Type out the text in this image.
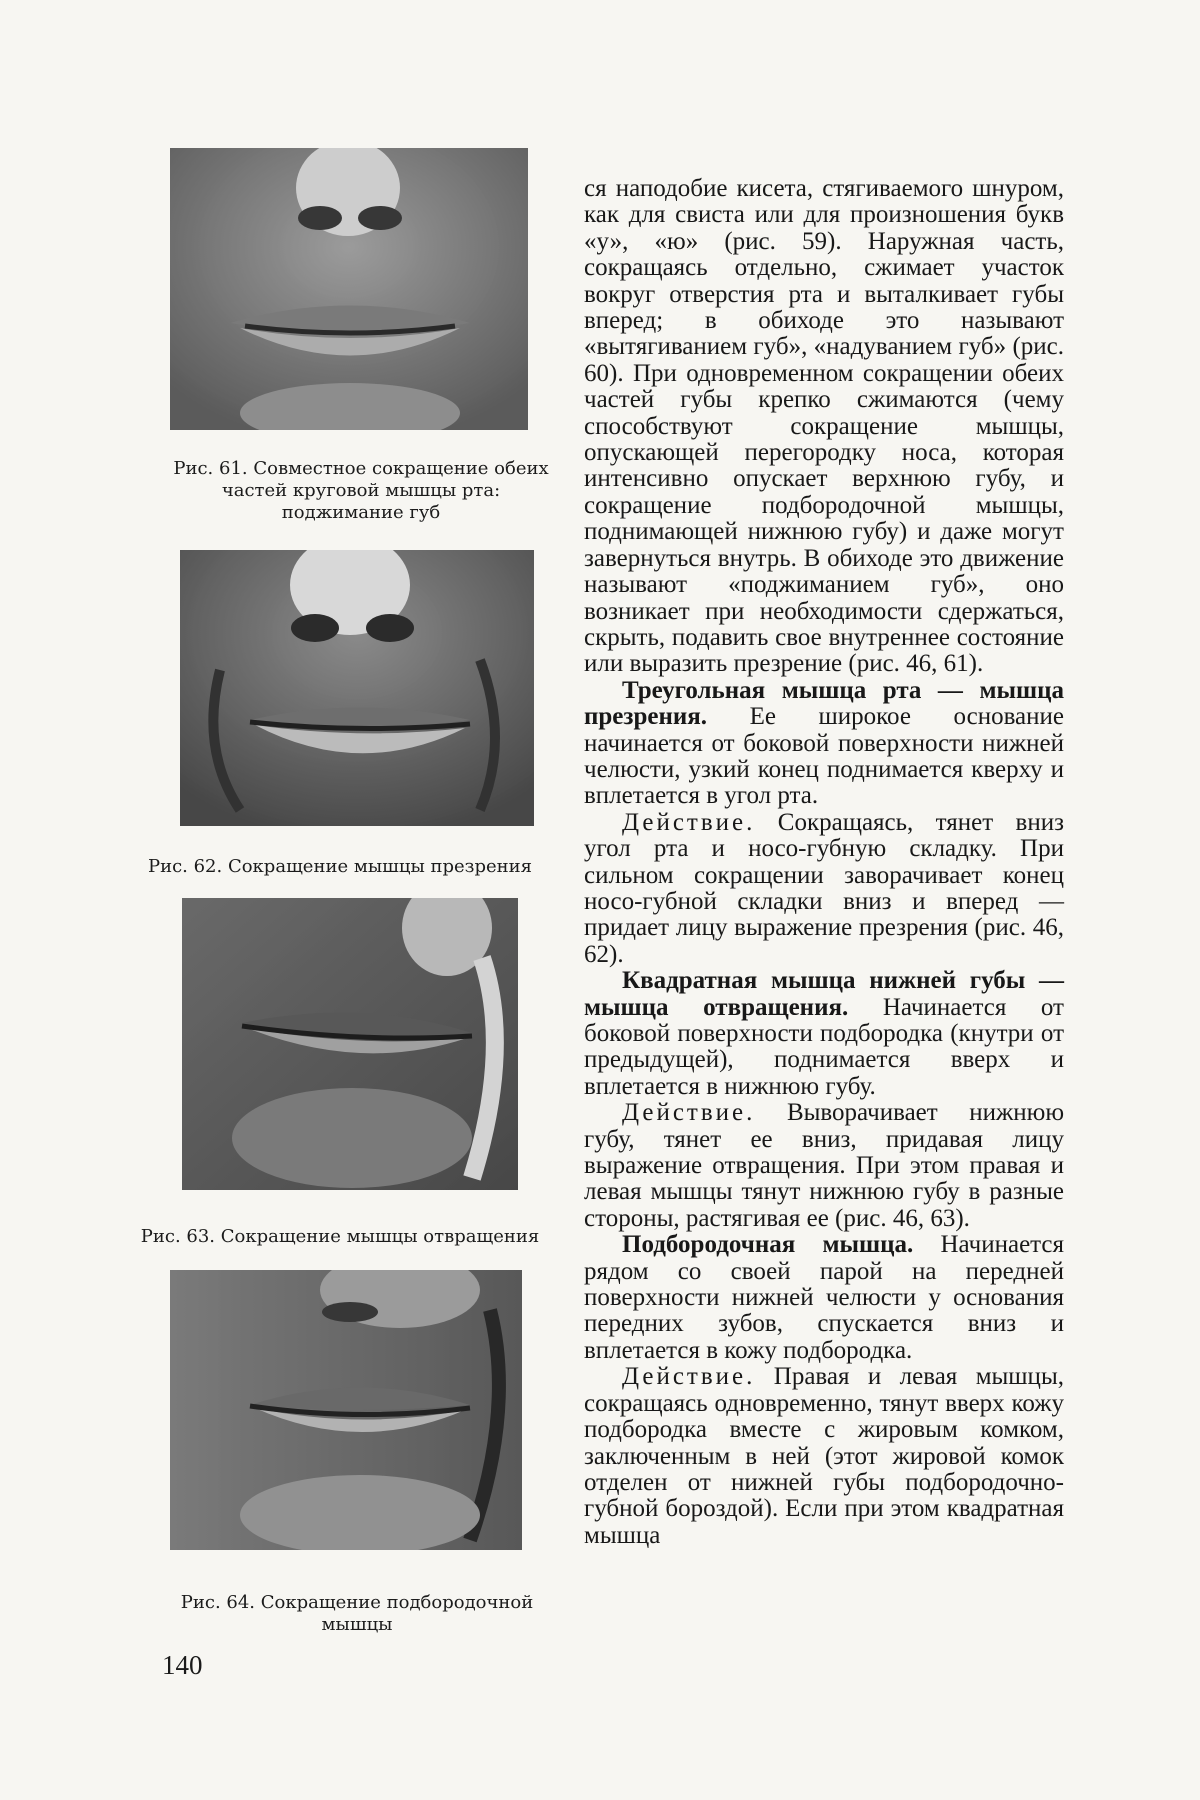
Рис. 61. Совместное сокращение обеих частей круговой мышцы рта: поджимание губ
Рис. 62. Сокращение мышцы презрения
Рис. 63. Сокращение мышцы отвращения
Рис. 64. Сокращение подбородочной мышцы

ся наподобие кисета, стягиваемого шнуром, как для свиста или для произношения букв «у», «ю» (рис. 59). Наружная часть, сокращаясь отдельно, сжимает участок вокруг отверстия рта и выталкивает губы вперед; в обиходе это называют «вытягиванием губ», «надуванием губ» (рис. 60). При одновременном сокращении обеих частей губы крепко сжимаются (чему способствуют сокращение мышцы, опускающей перегородку носа, которая интенсивно опускает верхнюю губу, и сокращение подбородочной мышцы, поднимающей нижнюю губу) и даже могут завернуться внутрь. В обиходе это движение называют «поджиманием губ», оно возникает при необходимости сдержаться, скрыть, подавить свое внутреннее состояние или выразить презрение (рис. 46, 61).

Треугольная мышца рта — мышца презрения. Ее широкое основание начинается от боковой поверхности нижней челюсти, узкий конец поднимается кверху и вплетается в угол рта.

Действие. Сокращаясь, тянет вниз угол рта и носо-губную складку. При сильном сокращении заворачивает конец носо-губной складки вниз и вперед — придает лицу выражение презрения (рис. 46, 62).

Квадратная мышца нижней губы — мышца отвращения. Начинается от боковой поверхности подбородка (кнутри от предыдущей), поднимается вверх и вплетается в нижнюю губу.

Действие. Выворачивает нижнюю губу, тянет ее вниз, придавая лицу выражение отвращения. При этом правая и левая мышцы тянут нижнюю губу в разные стороны, растягивая ее (рис. 46, 63).

Подбородочная мышца. Начинается рядом со своей парой на передней поверхности нижней челюсти у основания передних зубов, спускается вниз и вплетается в кожу подбородка.

Действие. Правая и левая мышцы, сокращаясь одновременно, тянут вверх кожу подбородка вместе с жировым комком, заключенным в ней (этот жировой комок отделен от нижней губы подбородочно-губной бороздой). Если при этом квадратная мышца

140
